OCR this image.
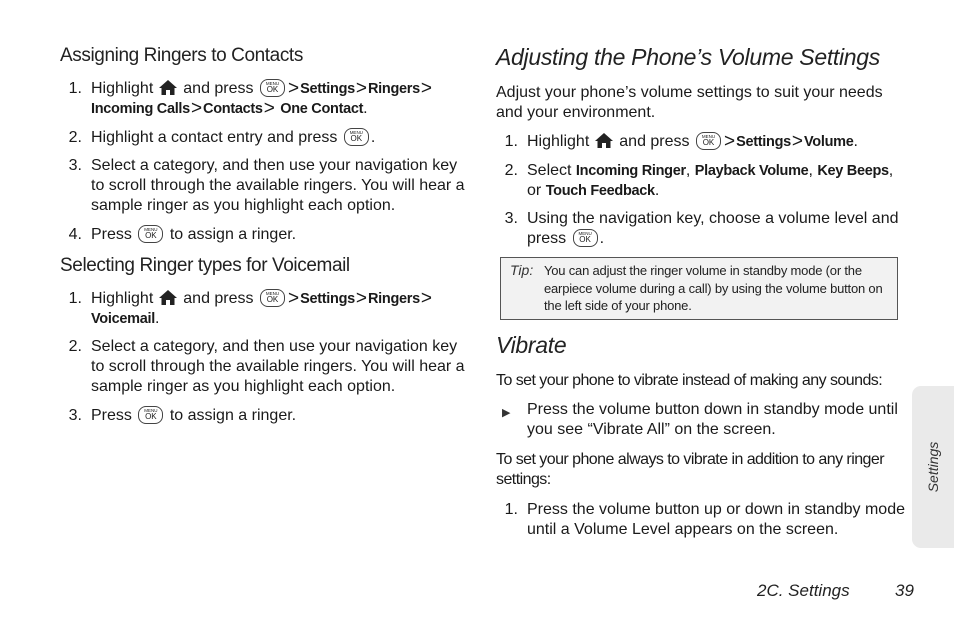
Assigning Ringers to Contacts
1. Highlight and press	MENU
OK >Settings>Ringers>
Incoming Calls>Contacts> One Contact.
2. Highlight a contact entry and press	MENU
OK .
3. Select a category, and then use your navigation key to scroll through the available ringers. You will hear a sample ringer as you highlight each option.
4. Press	MENU
OK to assign a ringer.
Selecting Ringer types for Voicemail
1. Highlight and press	MENU
OK >Settings>Ringers>
Voicemail.
2. Select a category, and then use your navigation key to scroll through the available ringers. You will hear a sample ringer as you highlight each option.
3. Press	MENU
OK to assign a ringer.
Adjusting the Phone’s Volume Settings
Adjust your phone’s volume settings to suit your needs and your environment.
1. Highlight and press	MENU
OK >Settings>Volume.
2. Select Incoming Ringer, Playback Volume, Key Beeps, or Touch Feedback.
3. Using the navigation key, choose a volume level and press	MENU
OK .
Tip: You can adjust the ringer volume in standby mode (or the earpiece volume during a call) by using the volume button on the left side of your phone.
Vibrate
To set your phone to vibrate instead of making any sounds:
▶ Press the volume button down in standby mode until you see “Vibrate All” on the screen.
To set your phone always to vibrate in addition to any ringer settings:
1. Press the volume button up or down in standby mode until a Volume Level appears on the screen.
Settings
2C. Settings	39
